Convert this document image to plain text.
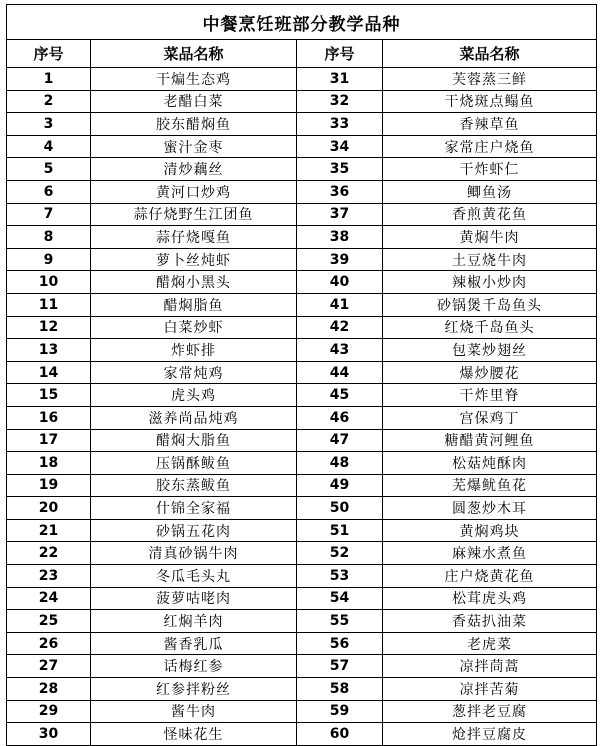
中餐烹饪班部分教学品种			
序号	菜品名称	序号	菜品名称
1	干煸生态鸡	31	芙蓉蒸三鲜
2	老醋白菜	32	干烧斑点鳎鱼
3	胶东醋焖鱼	33	香辣草鱼
4	蜜汁金枣	34	家常庄户烧鱼
5	清炒藕丝	35	干炸虾仁
6	黄河口炒鸡	36	鲫鱼汤
7	蒜仔烧野生江团鱼	37	香煎黄花鱼
8	蒜仔烧嘎鱼	38	黄焖牛肉
9	萝卜丝炖虾	39	土豆烧牛肉
10	醋焖小黑头	40	辣椒小炒肉
11	醋焖脂鱼	41	砂锅煲千岛鱼头
12	白菜炒虾	42	红烧千岛鱼头
13	炸虾排	43	包菜炒翅丝
14	家常炖鸡	44	爆炒腰花
15	虎头鸡	45	干炸里脊
16	滋养尚品炖鸡	46	宫保鸡丁
17	醋焖大脂鱼	47	糖醋黄河鲤鱼
18	压锅酥鲅鱼	48	松菇炖酥肉
19	胶东蒸鲅鱼	49	芜爆鱿鱼花
20	什锦全家福	50	圆葱炒木耳
21	砂锅五花肉	51	黄焖鸡块
22	清真砂锅牛肉	52	麻辣水煮鱼
23	冬瓜毛头丸	53	庄户烧黄花鱼
24	菠萝咕咾肉	54	松茸虎头鸡
25	红焖羊肉	55	香菇扒油菜
26	酱香乳瓜	56	老虎菜
27	话梅红参	57	凉拌茼蒿
28	红参拌粉丝	58	凉拌苦菊
29	酱牛肉	59	葱拌老豆腐
30	怪味花生	60	炝拌豆腐皮
